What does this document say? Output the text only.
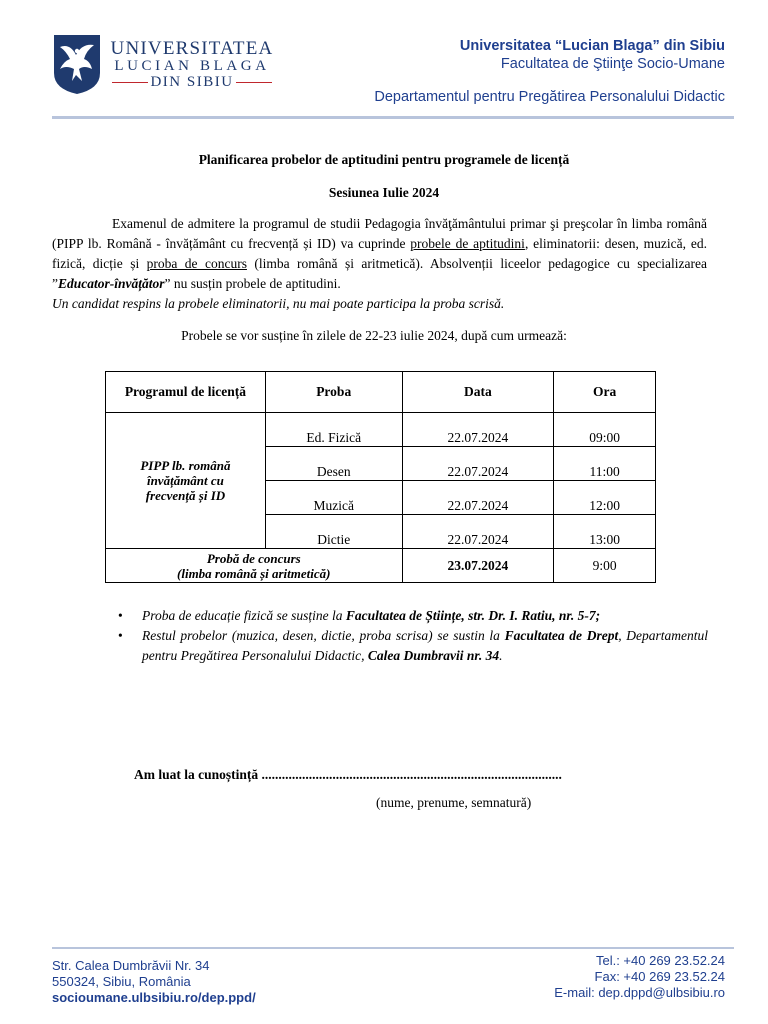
UNIVERSITATEA
LUCIAN BLAGA
DIN SIBIU
Universitatea “Lucian Blaga” din Sibiu
Facultatea de Ştiinţe Socio-Umane
Departamentul pentru Pregătirea Personalului Didactic
Planificarea probelor de aptitudini pentru programele de licență
Sesiunea Iulie 2024
Examenul de admitere la programul de studii Pedagogia învăţământului primar şi preşcolar în limba română (PIPP lb. Română - învățământ cu frecvență și ID) va cuprinde probele de aptitudini, eliminatorii: desen, muzică, ed. fizică, dicție și proba de concurs (limba română și aritmetică). Absolvenții liceelor pedagogice cu specializarea ”Educator-învățător” nu susțin probele de aptitudini.
Un candidat respins la probele eliminatorii, nu mai poate participa la proba scrisă.
Probele se vor susține în zilele de 22-23 iulie 2024, după cum urmează:
Programul de licență	Proba	Data	Ora
PIPP lb. română învățământ cu frecvență și ID	Ed. Fizică	22.07.2024	09:00
	Desen	22.07.2024	11:00
	Muzică	22.07.2024	12:00
	Dictie	22.07.2024	13:00

Probă de concurs
(limba română și aritmetică)		23.07.2024	9:00
• Proba de educație fizică se susține la Facultatea de Științe, str. Dr. I. Ratiu, nr. 5-7;
• Restul probelor (muzica, desen, dictie, proba scrisa) se sustin la Facultatea de Drept, Departamentul pentru Pregătirea Personalului Didactic, Calea Dumbravii nr. 34.
Am luat la cunoștință .........................................................................................
(nume, prenume, semnatură)
Str. Calea Dumbrăvii Nr. 34
550324, Sibiu, România
socioumane.ulbsibiu.ro/dep.ppd/
Tel.: +40 269 23.52.24
Fax: +40 269 23.52.24
E-mail: dep.dppd@ulbsibiu.ro
